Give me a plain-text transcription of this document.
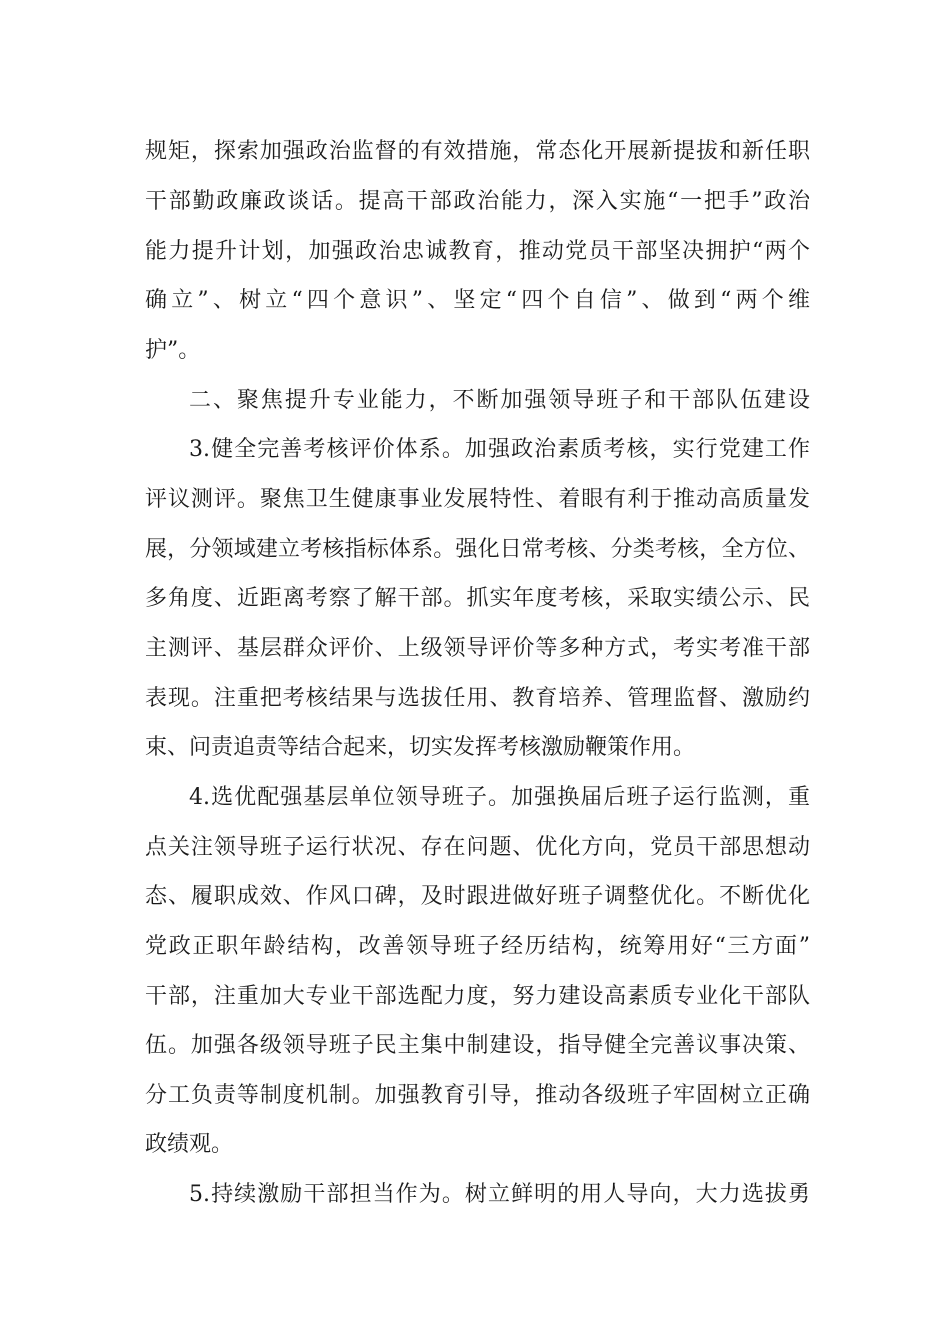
规矩，探索加强政治监督的有效措施，常态化开展新提拔和新任职
干部勤政廉政谈话。提高干部政治能力，深入实施“一把手”政治
能力提升计划，加强政治忠诚教育，推动党员干部坚决拥护“两个
确立”、树立“四个意识”、坚定“四个自信”、做到“两个维
护”。
二、聚焦提升专业能力，不断加强领导班子和干部队伍建设
3.健全完善考核评价体系。加强政治素质考核，实行党建工作
评议测评。聚焦卫生健康事业发展特性、着眼有利于推动高质量发
展，分领域建立考核指标体系。强化日常考核、分类考核，全方位、
多角度、近距离考察了解干部。抓实年度考核，采取实绩公示、民
主测评、基层群众评价、上级领导评价等多种方式，考实考准干部
表现。注重把考核结果与选拔任用、教育培养、管理监督、激励约
束、问责追责等结合起来，切实发挥考核激励鞭策作用。
4.选优配强基层单位领导班子。加强换届后班子运行监测，重
点关注领导班子运行状况、存在问题、优化方向，党员干部思想动
态、履职成效、作风口碑，及时跟进做好班子调整优化。不断优化
党政正职年龄结构，改善领导班子经历结构，统筹用好“三方面”
干部，注重加大专业干部选配力度，努力建设高素质专业化干部队
伍。加强各级领导班子民主集中制建设，指导健全完善议事决策、
分工负责等制度机制。加强教育引导，推动各级班子牢固树立正确
政绩观。
5.持续激励干部担当作为。树立鲜明的用人导向，大力选拔勇
